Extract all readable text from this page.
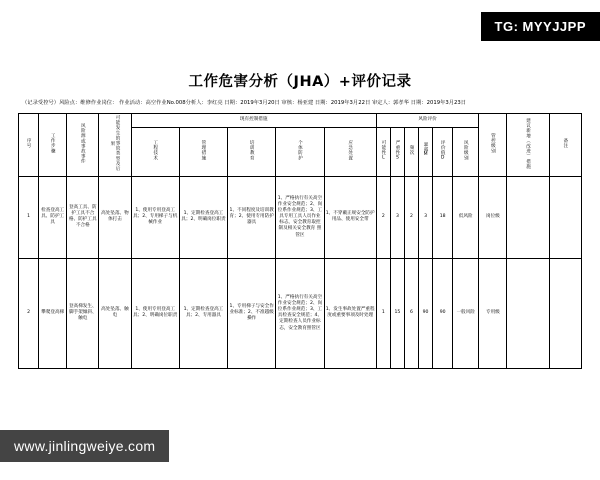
TG: MYYJJPP
工作危害分析（JHA）+评价记录
（记录受控号）风险点：维修作业岗位： 作业活动：高空作业No.008分析人：李红亮 日期：2019年3月20日 审核：杨亚建 日期：2019年3月22日 审定人：郭孝华 日期：2019年3月23日
序号	工作步骤	风险源或事故事件	可能发生的事故类型及后果	现有控制措施					风险评价						管控级别	建议新增（改进）措施	备注
				工程技术	管理措施	培训教育	个体防护	应急处置	可能性L	严重性S	频次	暴露M	评价值D	风险级别			

1	检查登高工具、防护工具	登高工具、防护工具不合格、防护工具不合格	高处坠落、物体打击	1、使用专用登高工具；2、专用梯子与机械作业	1、定期检查登高工具；2、明确岗位职责	1、不同程度及培训教育；2、使用专用防护器具	1、严格执行有关高空作业安全规范；2、岗位系作业规范；3、工具专用工具人员作业标志，安全教育取控制及相关安全教育 照管区	1、不穿戴正规安全防护用品、使用安全带	2	3	2	3	18	低风险	岗位级		
2	攀爬登高梯	登高梯发生、脚手架倾斜、触电	高处坠落、触电	1、使用专用登高工具；2、明确岗位职责	1、定期检查登高工具；2、专用器具	1、专用梯子与安全作业标准；2、不准越级操作	1、严格执行有关高空作业安全规范；2、岗位系作业规范；3、工具检查安全规范；4、定期检查人员作业标志，安全教育照管区	1、发生事故处置严重程度或重要事项及时处理	1	15	6	90	90	一般风险	专用级		
www.jinlingweiye.com
